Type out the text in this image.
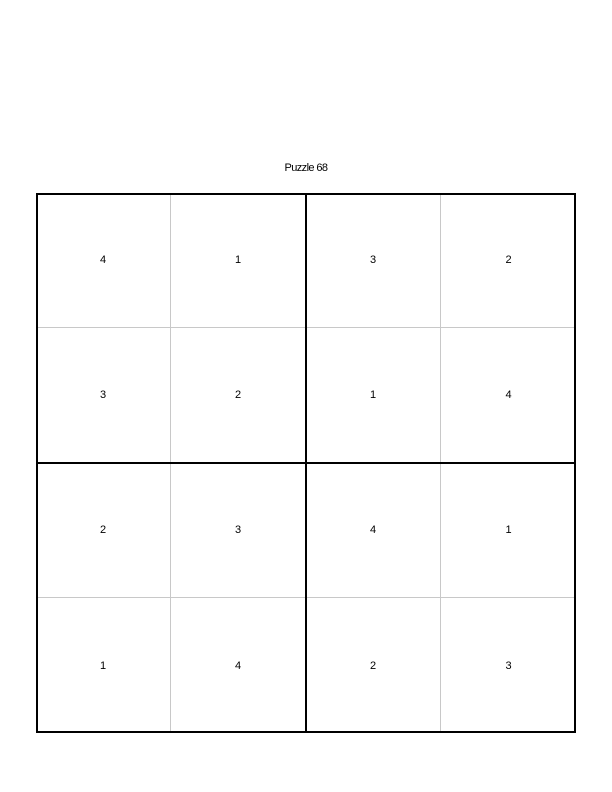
Puzzle 68
4	1	3	2
3	2	1	4
2	3	4	1
1	4	2	3
